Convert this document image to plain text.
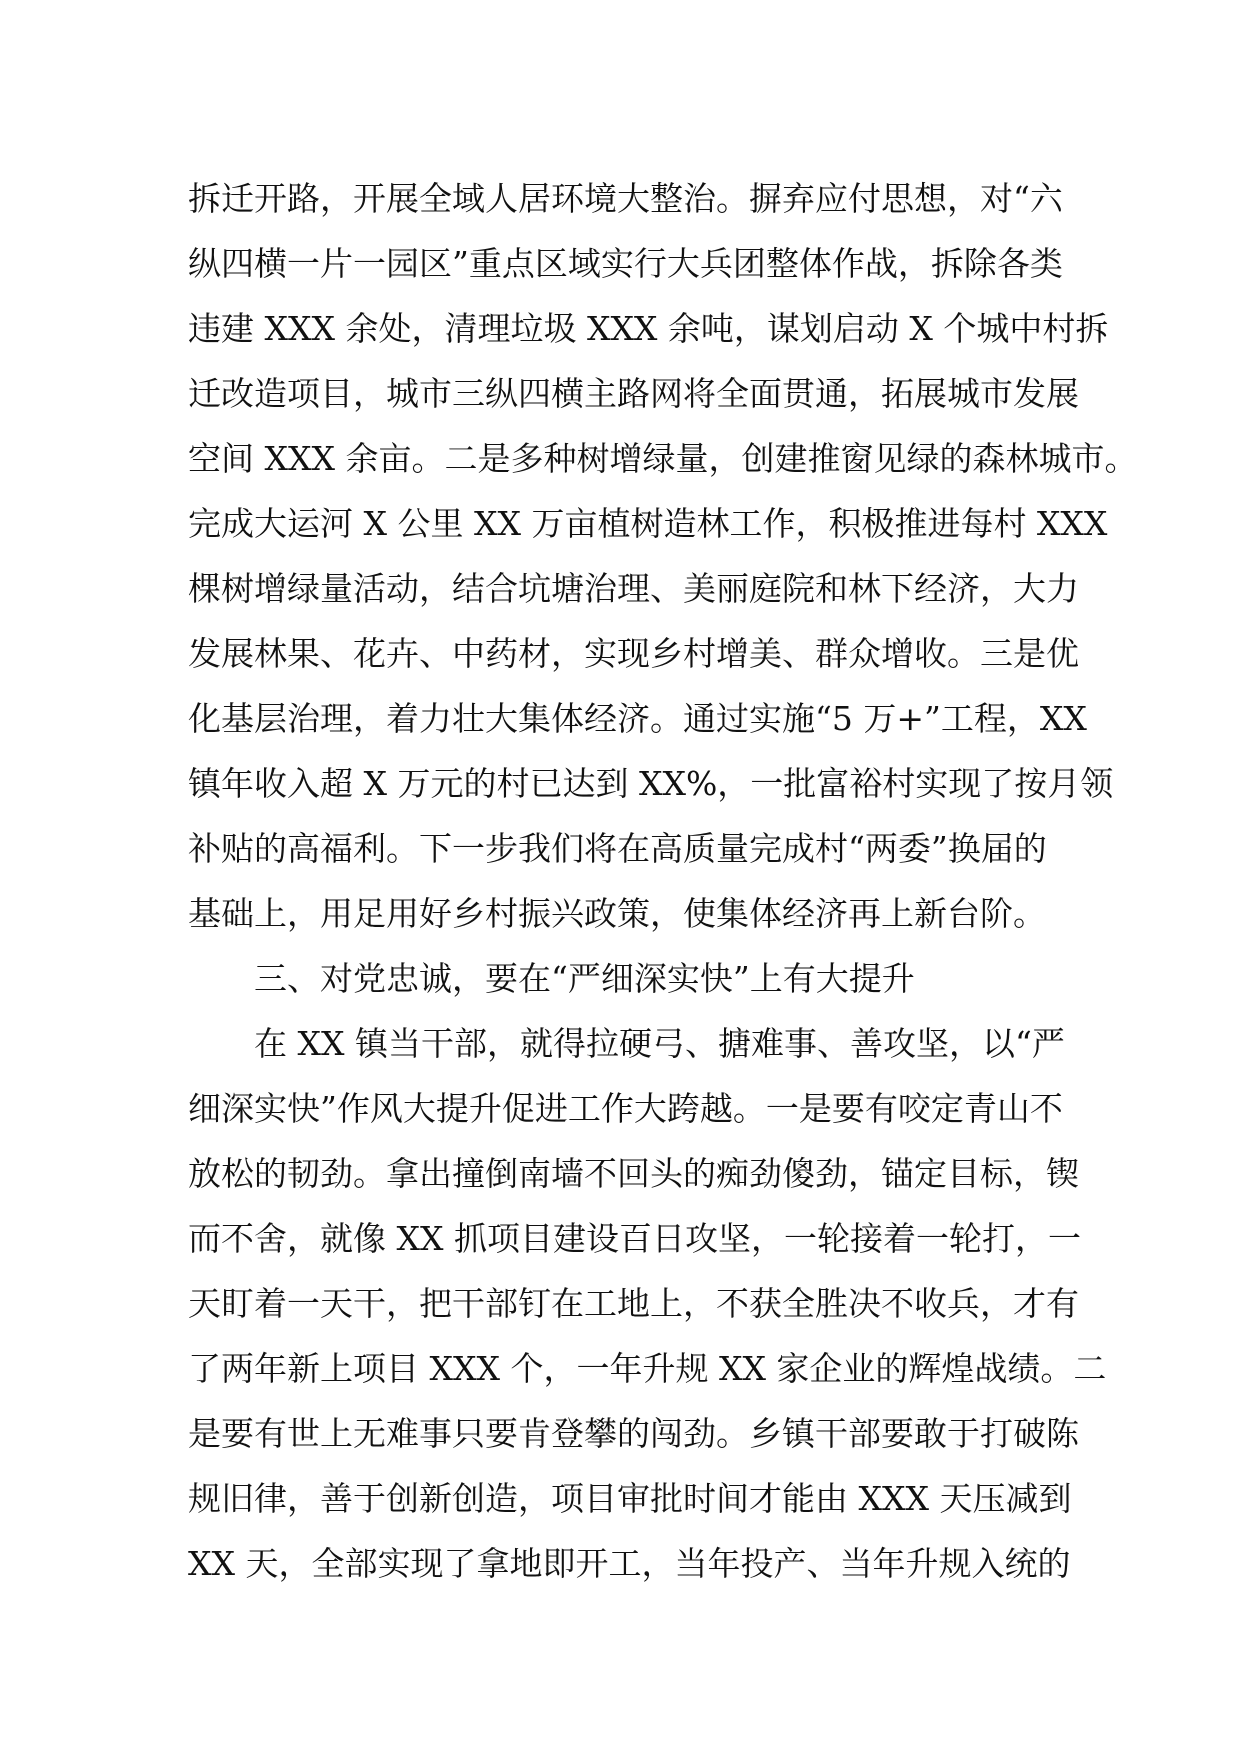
拆迁开路，开展全域人居环境大整治。摒弃应付思想，对“六
纵四横一片一园区”重点区域实行大兵团整体作战，拆除各类
违建 XXX 余处，清理垃圾 XXX 余吨，谋划启动 X 个城中村拆
迁改造项目，城市三纵四横主路网将全面贯通，拓展城市发展
空间 XXX 余亩。二是多种树增绿量，创建推窗见绿的森林城市。
完成大运河 X 公里 XX 万亩植树造林工作，积极推进每村 XXX
棵树增绿量活动，结合坑塘治理、美丽庭院和林下经济，大力
发展林果、花卉、中药材，实现乡村增美、群众增收。三是优
化基层治理，着力壮大集体经济。通过实施“5 万+”工程，XX
镇年收入超 X 万元的村已达到 XX%，一批富裕村实现了按月领
补贴的高福利。下一步我们将在高质量完成村“两委”换届的
基础上，用足用好乡村振兴政策，使集体经济再上新台阶。
三、对党忠诚，要在“严细深实快”上有大提升
在 XX 镇当干部，就得拉硬弓、搪难事、善攻坚，以“严
细深实快”作风大提升促进工作大跨越。一是要有咬定青山不
放松的韧劲。拿出撞倒南墙不回头的痴劲傻劲，锚定目标，锲
而不舍，就像 XX 抓项目建设百日攻坚，一轮接着一轮打，一
天盯着一天干，把干部钉在工地上，不获全胜决不收兵，才有
了两年新上项目 XXX 个，一年升规 XX 家企业的辉煌战绩。二
是要有世上无难事只要肯登攀的闯劲。乡镇干部要敢于打破陈
规旧律，善于创新创造，项目审批时间才能由 XXX 天压减到
XX 天，全部实现了拿地即开工，当年投产、当年升规入统的
